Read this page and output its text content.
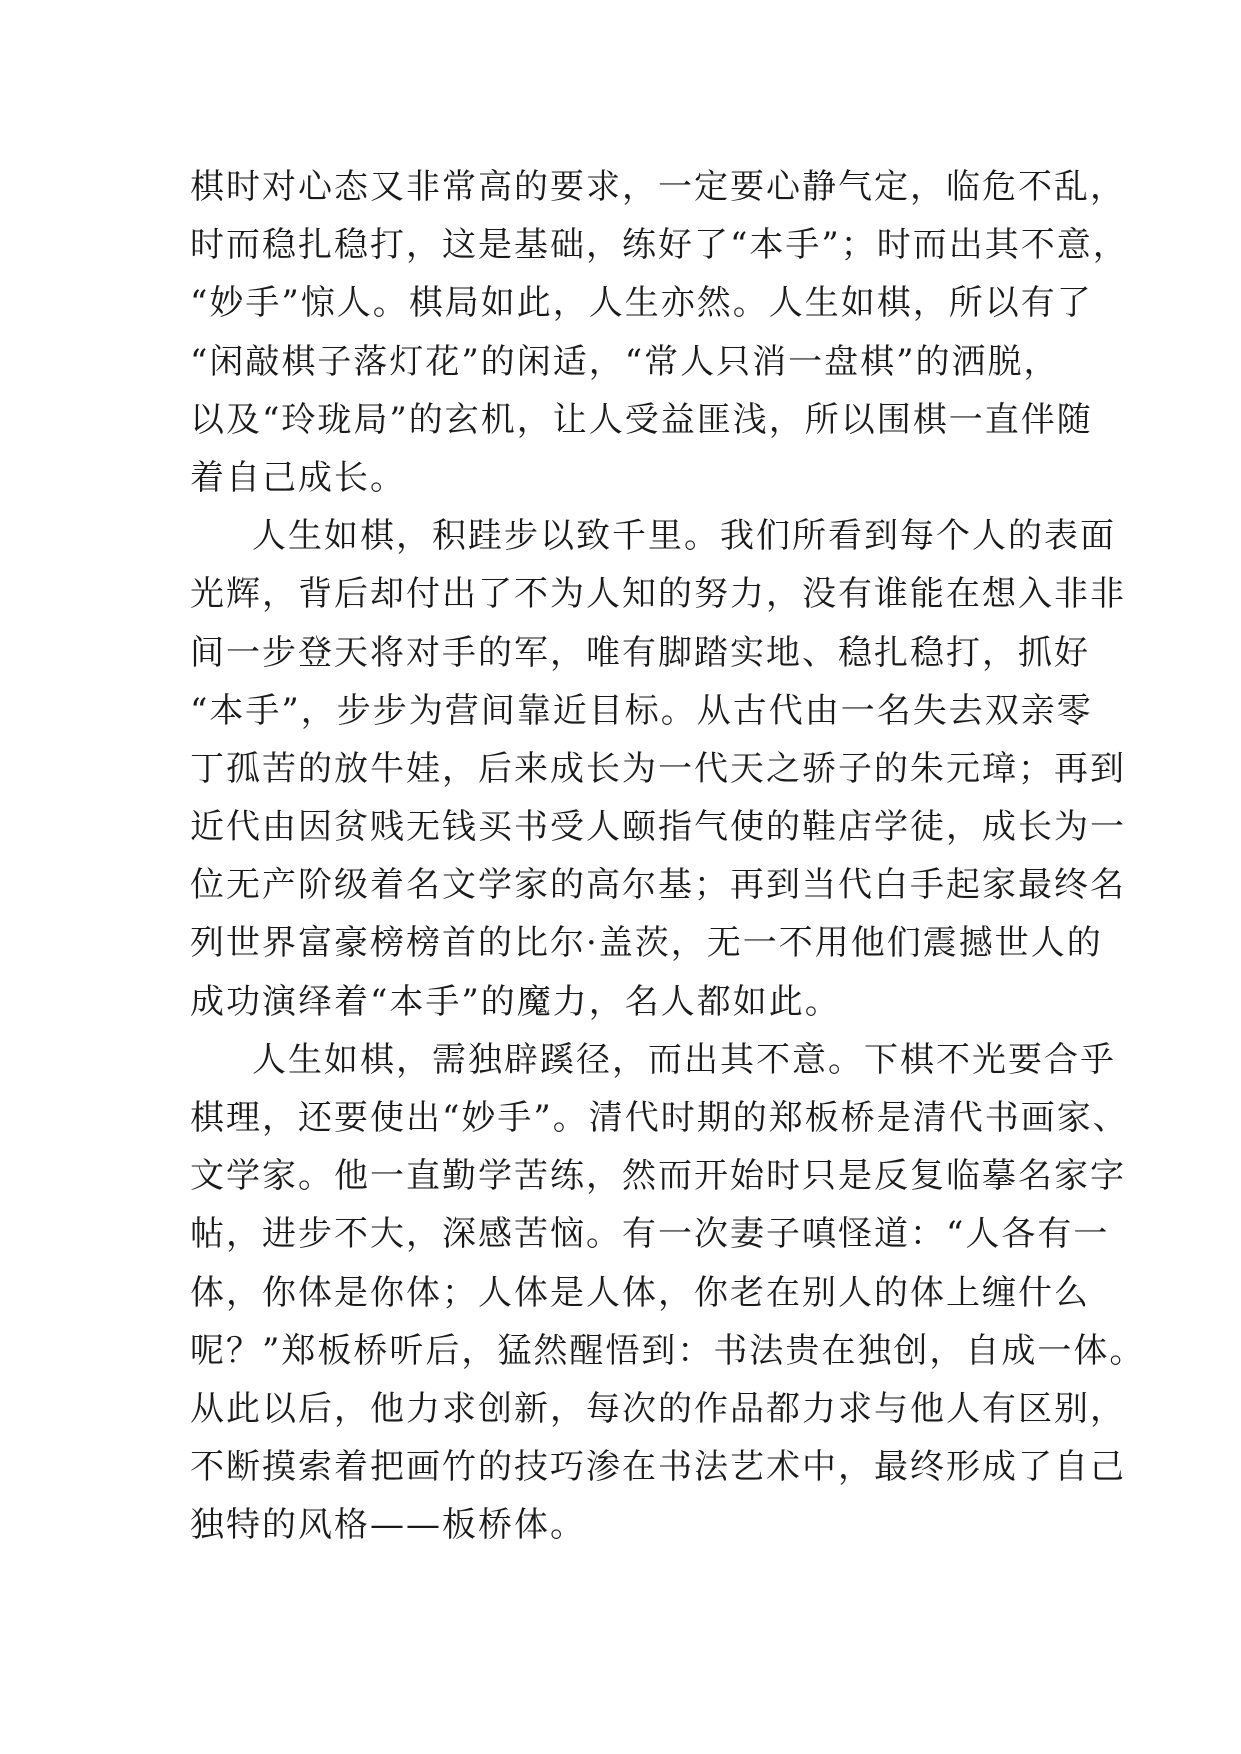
棋时对心态又非常高的要求，一定要心静气定，临危不乱，
时而稳扎稳打，这是基础，练好了“本手”；时而出其不意，
“妙手”惊人。棋局如此，人生亦然。人生如棋，所以有了
“闲敲棋子落灯花”的闲适，“常人只消一盘棋”的洒脱，
以及“玲珑局”的玄机，让人受益匪浅，所以围棋一直伴随
着自己成长。
人生如棋，积跬步以致千里。我们所看到每个人的表面
光辉，背后却付出了不为人知的努力，没有谁能在想入非非
间一步登天将对手的军，唯有脚踏实地、稳扎稳打，抓好
“本手”，步步为营间靠近目标。从古代由一名失去双亲零
丁孤苦的放牛娃，后来成长为一代天之骄子的朱元璋；再到
近代由因贫贱无钱买书受人颐指气使的鞋店学徒，成长为一
位无产阶级着名文学家的高尔基；再到当代白手起家最终名
列世界富豪榜榜首的比尔·盖茨，无一不用他们震撼世人的
成功演绎着“本手”的魔力，名人都如此。
人生如棋，需独辟蹊径，而出其不意。下棋不光要合乎
棋理，还要使出“妙手”。清代时期的郑板桥是清代书画家、
文学家。他一直勤学苦练，然而开始时只是反复临摹名家字
帖，进步不大，深感苦恼。有一次妻子嗔怪道：“人各有一
体，你体是你体；人体是人体，你老在别人的体上缠什么
呢？”郑板桥听后，猛然醒悟到：书法贵在独创，自成一体。
从此以后，他力求创新，每次的作品都力求与他人有区别，
不断摸索着把画竹的技巧渗在书法艺术中，最终形成了自己
独特的风格——板桥体。
